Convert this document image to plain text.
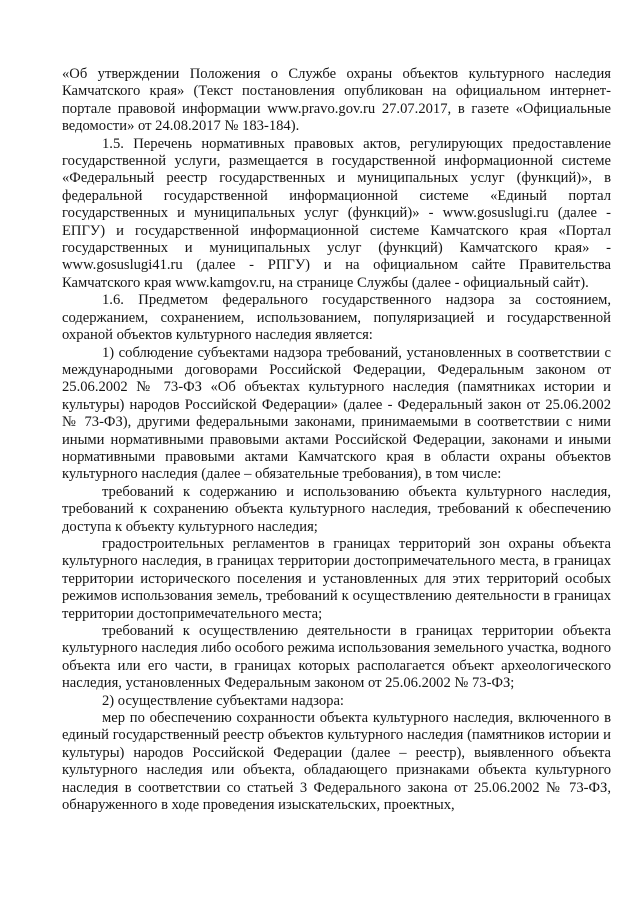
«Об утверждении Положения о Службе охраны объектов культурного наследия Камчатского края» (Текст постановления опубликован на официальном интернет-портале правовой информации www.pravo.gov.ru 27.07.2017, в газете «Официальные ведомости» от 24.08.2017 № 183-184).

1.5. Перечень нормативных правовых актов, регулирующих предоставление государственной услуги, размещается в государственной информационной системе «Федеральный реестр государственных и муниципальных услуг (функций)», в федеральной государственной информационной системе «Единый портал государственных и муниципальных услуг (функций)» - www.gosuslugi.ru (далее - ЕПГУ) и государственной информационной системе Камчатского края «Портал государственных и муниципальных услуг (функций) Камчатского края» - www.gosuslugi41.ru (далее - РПГУ) и на официальном сайте Правительства Камчатского края www.kamgov.ru, на странице Службы (далее - официальный сайт).

1.6. Предметом федерального государственного надзора за состоянием, содержанием, сохранением, использованием, популяризацией и государственной охраной объектов культурного наследия является:

1) соблюдение субъектами надзора требований, установленных в соответствии с международными договорами Российской Федерации, Федеральным законом от 25.06.2002 № 73-ФЗ «Об объектах культурного наследия (памятниках истории и культуры) народов Российской Федерации» (далее - Федеральный закон от 25.06.2002 № 73-ФЗ), другими федеральными законами, принимаемыми в соответствии с ними иными нормативными правовыми актами Российской Федерации, законами и иными нормативными правовыми актами Камчатского края в области охраны объектов культурного наследия (далее – обязательные требования), в том числе:

требований к содержанию и использованию объекта культурного наследия, требований к сохранению объекта культурного наследия, требований к обеспечению доступа к объекту культурного наследия;

градостроительных регламентов в границах территорий зон охраны объекта культурного наследия, в границах территории достопримечательного места, в границах территории исторического поселения и установленных для этих территорий особых режимов использования земель, требований к осуществлению деятельности в границах территории достопримечательного места;

требований к осуществлению деятельности в границах территории объекта культурного наследия либо особого режима использования земельного участка, водного объекта или его части, в границах которых располагается объект археологического наследия, установленных Федеральным законом от 25.06.2002 № 73-ФЗ;

2) осуществление субъектами надзора:

мер по обеспечению сохранности объекта культурного наследия, включенного в единый государственный реестр объектов культурного наследия (памятников истории и культуры) народов Российской Федерации (далее – реестр), выявленного объекта культурного наследия или объекта, обладающего признаками объекта культурного наследия в соответствии со статьей 3 Федерального закона от 25.06.2002 № 73-ФЗ, обнаруженного в ходе проведения изыскательских, проектных,
